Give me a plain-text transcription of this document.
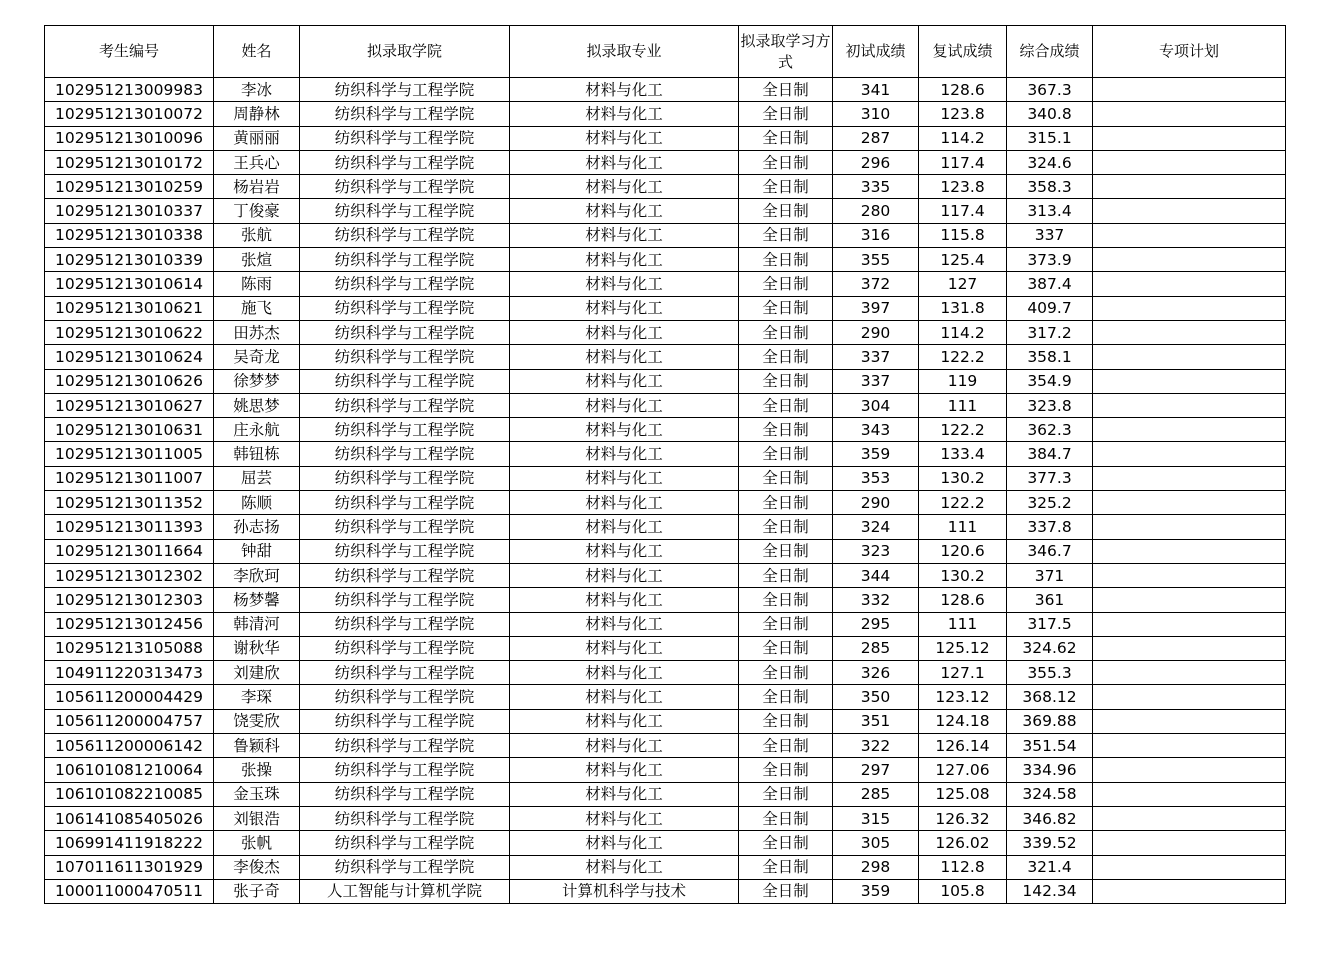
考生编号	姓名	拟录取学院	拟录取专业	拟录取学习方式	初试成绩	复试成绩	综合成绩	专项计划
102951213009983	李冰	纺织科学与工程学院	材料与化工	全日制	341	128.6	367.3	
102951213010072	周静林	纺织科学与工程学院	材料与化工	全日制	310	123.8	340.8	
102951213010096	黄丽丽	纺织科学与工程学院	材料与化工	全日制	287	114.2	315.1	
102951213010172	王兵心	纺织科学与工程学院	材料与化工	全日制	296	117.4	324.6	
102951213010259	杨岩岩	纺织科学与工程学院	材料与化工	全日制	335	123.8	358.3	
102951213010337	丁俊豪	纺织科学与工程学院	材料与化工	全日制	280	117.4	313.4	
102951213010338	张航	纺织科学与工程学院	材料与化工	全日制	316	115.8	337	
102951213010339	张煊	纺织科学与工程学院	材料与化工	全日制	355	125.4	373.9	
102951213010614	陈雨	纺织科学与工程学院	材料与化工	全日制	372	127	387.4	
102951213010621	施飞	纺织科学与工程学院	材料与化工	全日制	397	131.8	409.7	
102951213010622	田苏杰	纺织科学与工程学院	材料与化工	全日制	290	114.2	317.2	
102951213010624	吴奇龙	纺织科学与工程学院	材料与化工	全日制	337	122.2	358.1	
102951213010626	徐梦梦	纺织科学与工程学院	材料与化工	全日制	337	119	354.9	
102951213010627	姚思梦	纺织科学与工程学院	材料与化工	全日制	304	111	323.8	
102951213010631	庄永航	纺织科学与工程学院	材料与化工	全日制	343	122.2	362.3	
102951213011005	韩钮栋	纺织科学与工程学院	材料与化工	全日制	359	133.4	384.7	
102951213011007	屈芸	纺织科学与工程学院	材料与化工	全日制	353	130.2	377.3	
102951213011352	陈顺	纺织科学与工程学院	材料与化工	全日制	290	122.2	325.2	
102951213011393	孙志扬	纺织科学与工程学院	材料与化工	全日制	324	111	337.8	
102951213011664	钟甜	纺织科学与工程学院	材料与化工	全日制	323	120.6	346.7	
102951213012302	李欣珂	纺织科学与工程学院	材料与化工	全日制	344	130.2	371	
102951213012303	杨梦馨	纺织科学与工程学院	材料与化工	全日制	332	128.6	361	
102951213012456	韩清河	纺织科学与工程学院	材料与化工	全日制	295	111	317.5	
102951213105088	谢秋华	纺织科学与工程学院	材料与化工	全日制	285	125.12	324.62	
104911220313473	刘建欣	纺织科学与工程学院	材料与化工	全日制	326	127.1	355.3	
105611200004429	李琛	纺织科学与工程学院	材料与化工	全日制	350	123.12	368.12	
105611200004757	饶雯欣	纺织科学与工程学院	材料与化工	全日制	351	124.18	369.88	
105611200006142	鲁颖科	纺织科学与工程学院	材料与化工	全日制	322	126.14	351.54	
106101081210064	张操	纺织科学与工程学院	材料与化工	全日制	297	127.06	334.96	
106101082210085	金玉珠	纺织科学与工程学院	材料与化工	全日制	285	125.08	324.58	
106141085405026	刘银浩	纺织科学与工程学院	材料与化工	全日制	315	126.32	346.82	
106991411918222	张帆	纺织科学与工程学院	材料与化工	全日制	305	126.02	339.52	
107011611301929	李俊杰	纺织科学与工程学院	材料与化工	全日制	298	112.8	321.4	
100011000470511	张子奇	人工智能与计算机学院	计算机科学与技术	全日制	359	105.8	142.34	
